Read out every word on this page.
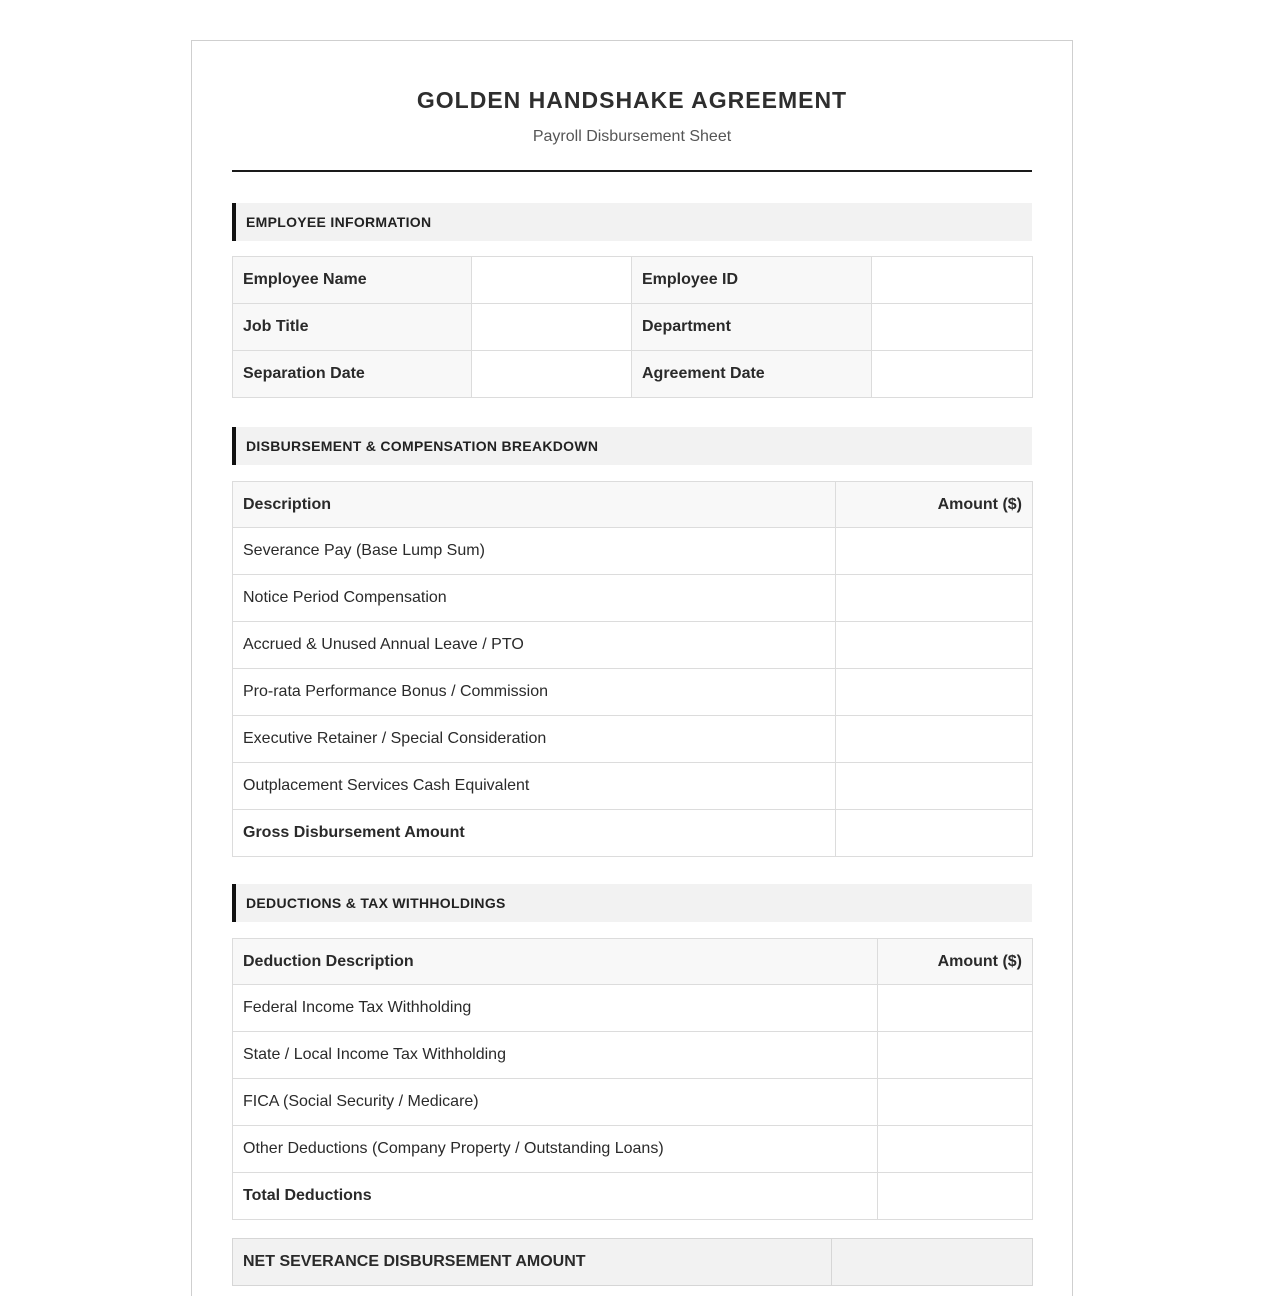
GOLDEN HANDSHAKE AGREEMENT
Payroll Disbursement Sheet
EMPLOYEE INFORMATION
Employee Name		Employee ID	
Job Title		Department	
Separation Date		Agreement Date	
DISBURSEMENT & COMPENSATION BREAKDOWN
Description	Amount ($)
Severance Pay (Base Lump Sum)	
Notice Period Compensation	
Accrued & Unused Annual Leave / PTO	
Pro-rata Performance Bonus / Commission	
Executive Retainer / Special Consideration	
Outplacement Services Cash Equivalent	
Gross Disbursement Amount	
DEDUCTIONS & TAX WITHHOLDINGS
Deduction Description	Amount ($)
Federal Income Tax Withholding	
State / Local Income Tax Withholding	
FICA (Social Security / Medicare)	
Other Deductions (Company Property / Outstanding Loans)	
Total Deductions	
NET SEVERANCE DISBURSEMENT AMOUNT	
